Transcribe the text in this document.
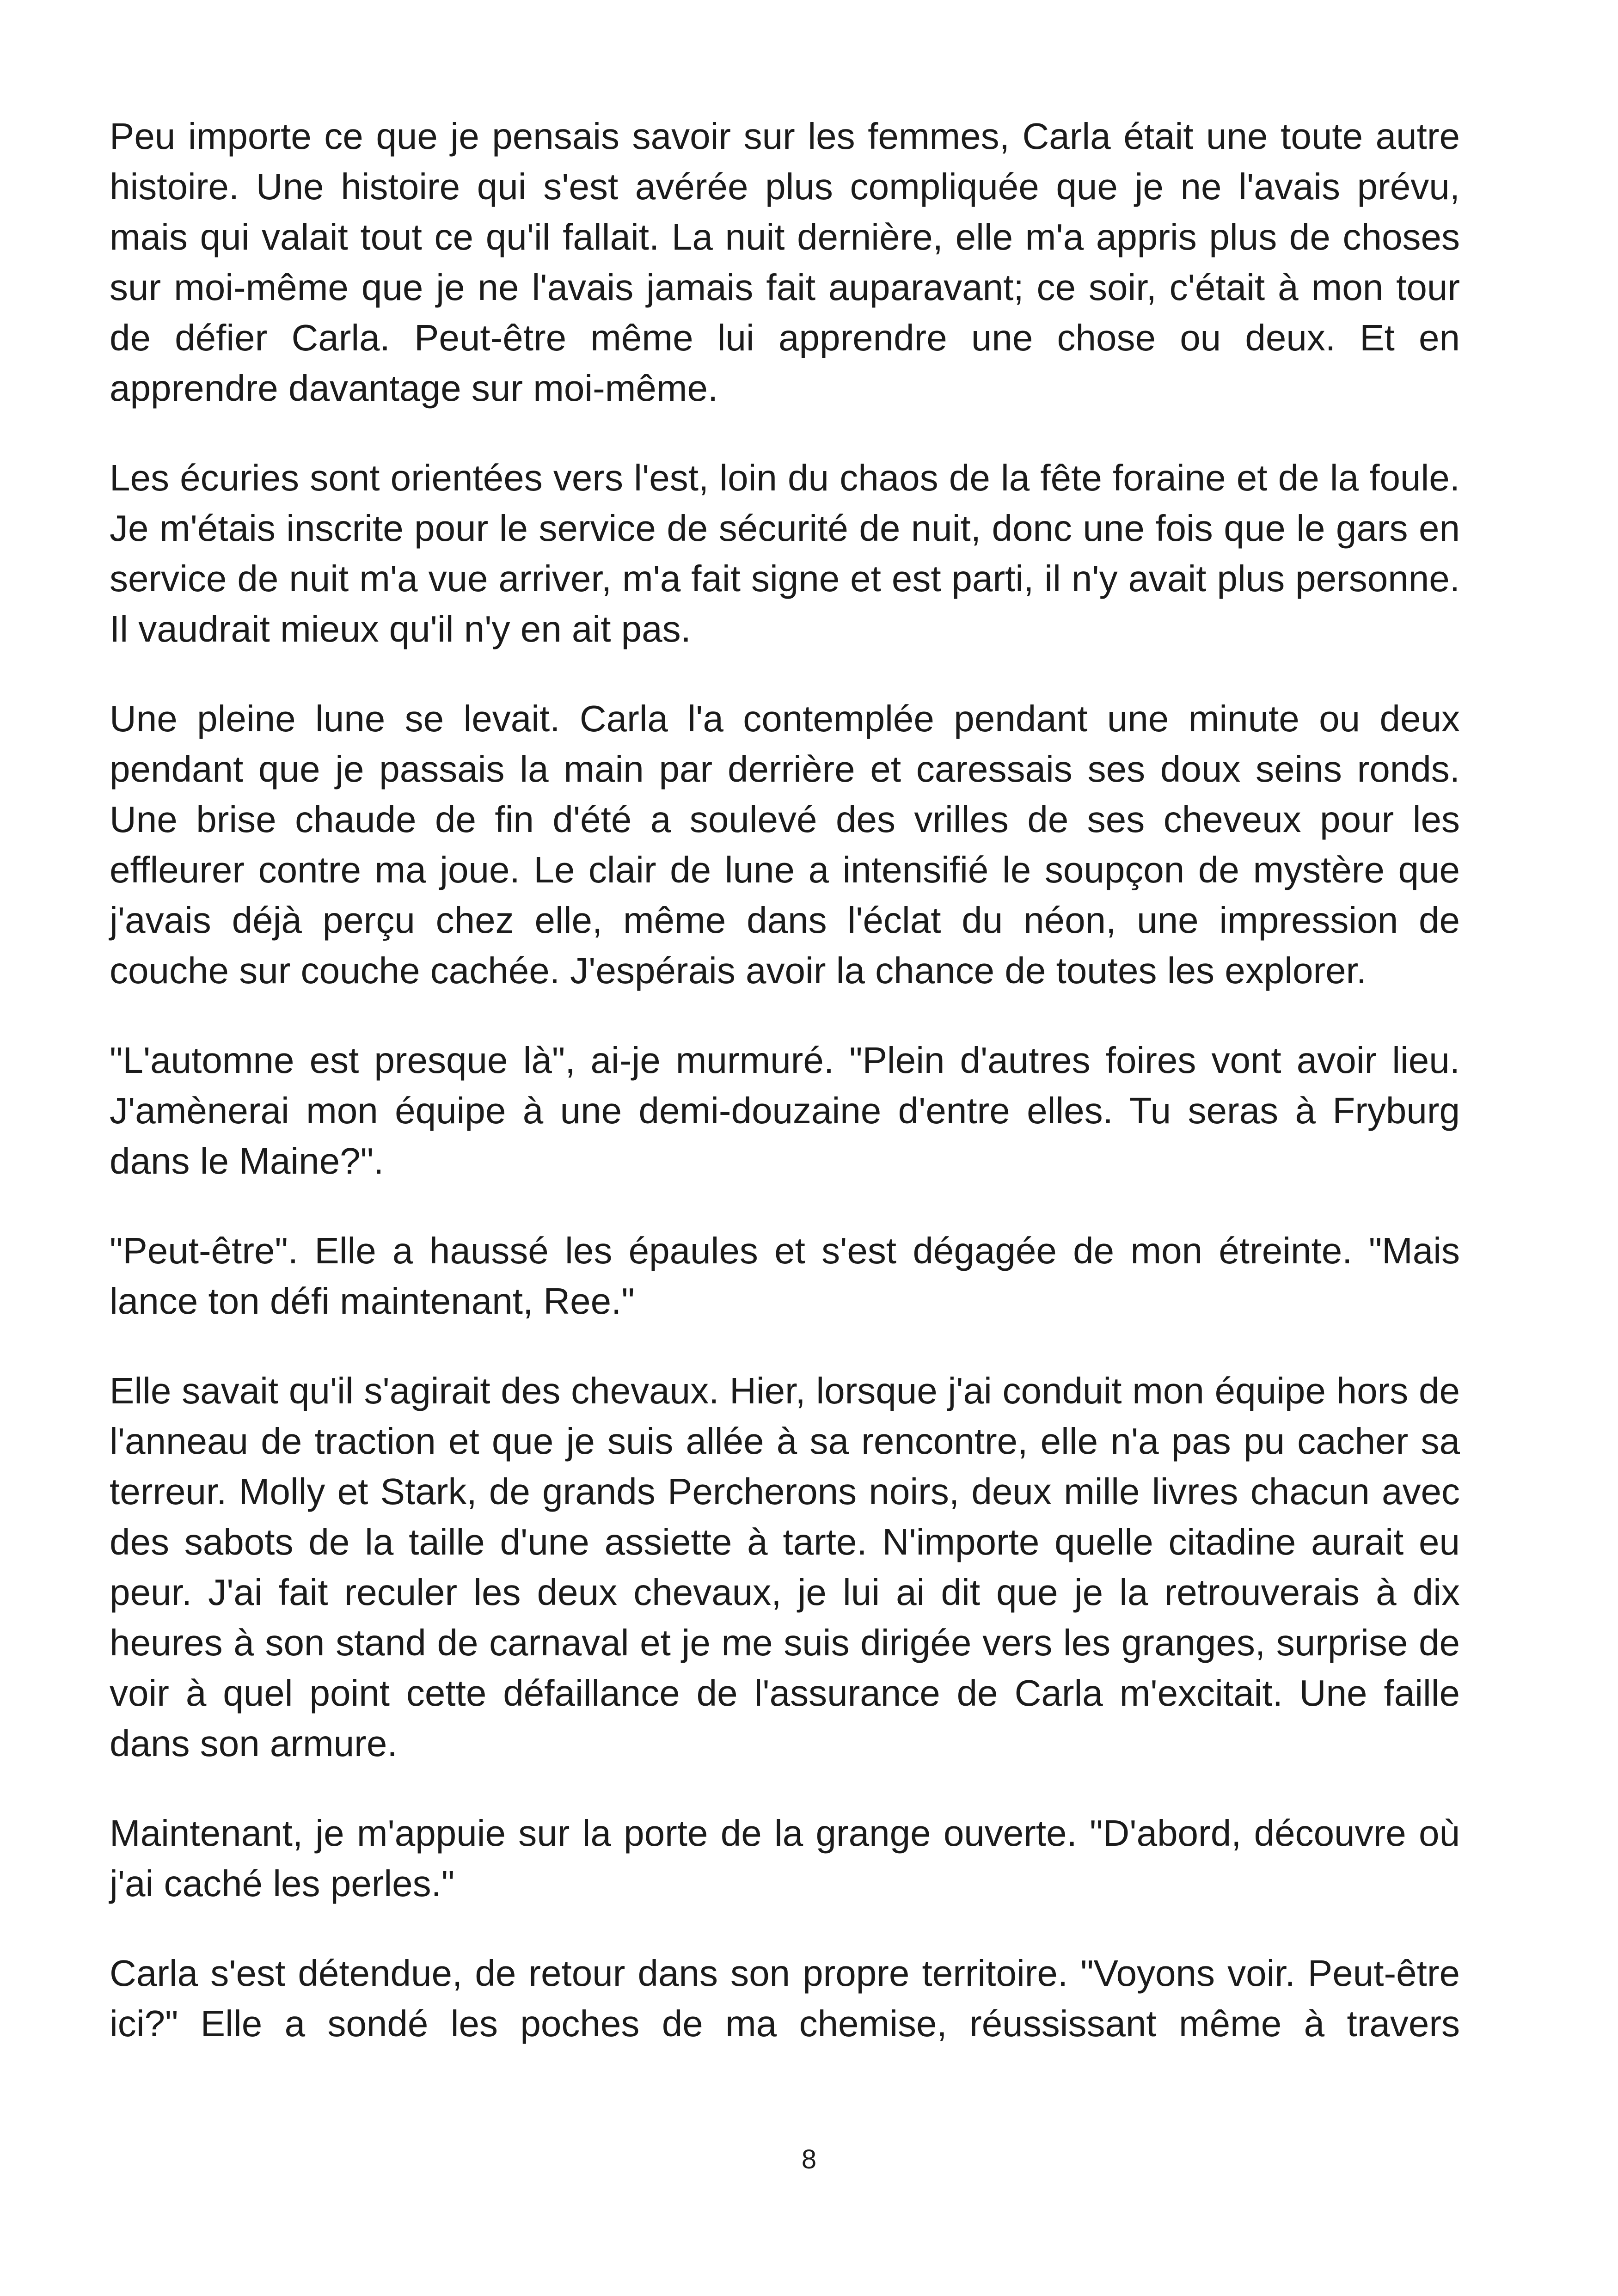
Peu importe ce que je pensais savoir sur les femmes, Carla était une toute autre histoire. Une histoire qui s'est avérée plus compliquée que je ne l'avais prévu, mais qui valait tout ce qu'il fallait. La nuit dernière, elle m'a appris plus de choses sur moi-même que je ne l'avais jamais fait auparavant; ce soir, c'était à mon tour de défier Carla. Peut-être même lui apprendre une chose ou deux. Et en apprendre davantage sur moi-même.

Les écuries sont orientées vers l'est, loin du chaos de la fête foraine et de la foule. Je m'étais inscrite pour le service de sécurité de nuit, donc une fois que le gars en service de nuit m'a vue arriver, m'a fait signe et est parti, il n'y avait plus personne. Il vaudrait mieux qu'il n'y en ait pas.

Une pleine lune se levait. Carla l'a contemplée pendant une minute ou deux pendant que je passais la main par derrière et caressais ses doux seins ronds. Une brise chaude de fin d'été a soulevé des vrilles de ses cheveux pour les effleurer contre ma joue. Le clair de lune a intensifié le soupçon de mystère que j'avais déjà perçu chez elle, même dans l'éclat du néon, une impression de couche sur couche cachée. J'espérais avoir la chance de toutes les explorer.

"L'automne est presque là", ai-je murmuré. "Plein d'autres foires vont avoir lieu. J'amènerai mon équipe à une demi-douzaine d'entre elles. Tu seras à Fryburg dans le Maine?".

"Peut-être". Elle a haussé les épaules et s'est dégagée de mon étreinte. "Mais lance ton défi maintenant, Ree."

Elle savait qu'il s'agirait des chevaux. Hier, lorsque j'ai conduit mon équipe hors de l'anneau de traction et que je suis allée à sa rencontre, elle n'a pas pu cacher sa terreur. Molly et Stark, de grands Percherons noirs, deux mille livres chacun avec des sabots de la taille d'une assiette à tarte. N'importe quelle citadine aurait eu peur. J'ai fait reculer les deux chevaux, je lui ai dit que je la retrouverais à dix heures à son stand de carnaval et je me suis dirigée vers les granges, surprise de voir à quel point cette défaillance de l'assurance de Carla m'excitait. Une faille dans son armure.

Maintenant, je m'appuie sur la porte de la grange ouverte. "D'abord, découvre où j'ai caché les perles."

Carla s'est détendue, de retour dans son propre territoire. "Voyons voir. Peut-être ici?" Elle a sondé les poches de ma chemise, réussissant même à travers

8
